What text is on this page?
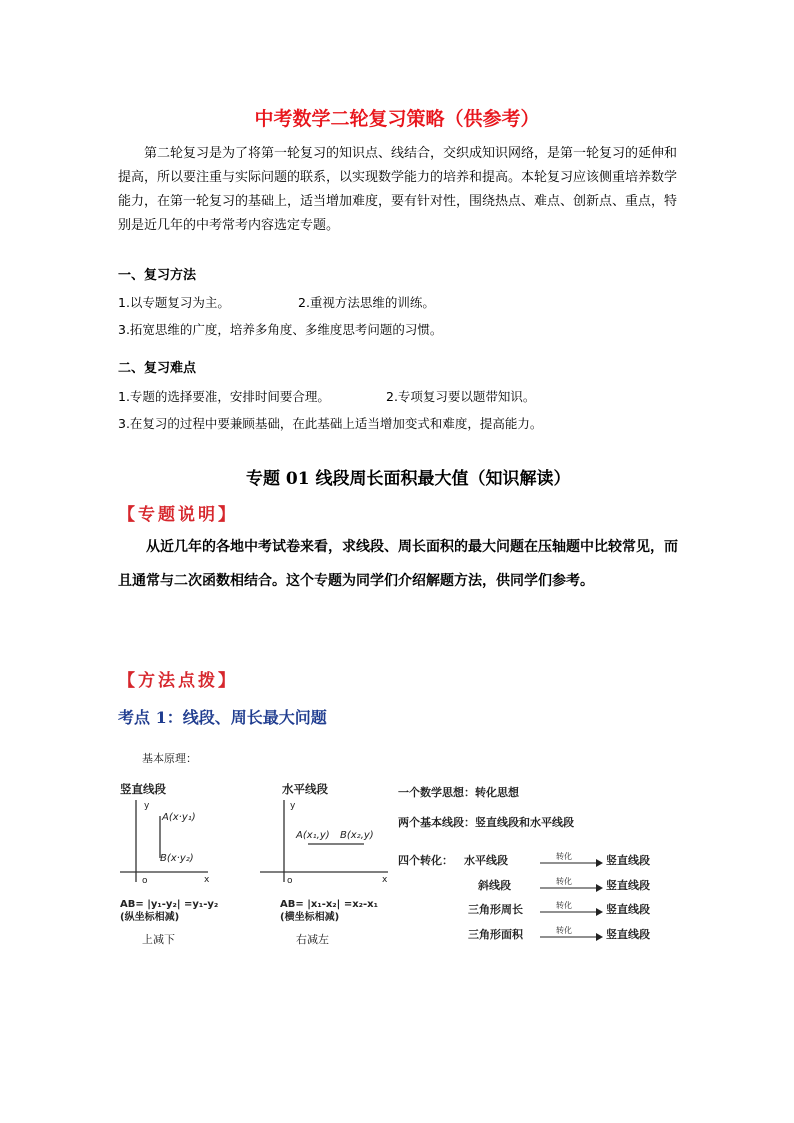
中考数学二轮复习策略（供参考）

第二轮复习是为了将第一轮复习的知识点、线结合，交织成知识网络，是第一轮复习的延伸和提高，所以要注重与实际问题的联系，以实现数学能力的培养和提高。本轮复习应该侧重培养数学能力，在第一轮复习的基础上，适当增加难度，要有针对性，围绕热点、难点、创新点、重点，特别是近几年的中考常考内容选定专题。

一、复习方法
1.以专题复习为主。	2.重视方法思维的训练。
3.拓宽思维的广度，培养多角度、多维度思考问题的习惯。
二、复习难点
1.专题的选择要准，安排时间要合理。	2.专项复习要以题带知识。
3.在复习的过程中要兼顾基础，在此基础上适当增加变式和难度，提高能力。
专题 01 线段周长面积最大值（知识解读）
【专题说明】

从近几年的各地中考试卷来看，求线段、周长面积的最大问题在压轴题中比较常见，而且通常与二次函数相结合。这个专题为同学们介绍解题方法，供同学们参考。

【方法点拨】
考点 1：线段、周长最大问题
基本原理：
竖直线段
y
x
o
A(x·y₁)
B(x·y₂)
AB= |y₁-y₂| =y₁-y₂
(纵坐标相减)
上减下
水平线段
y
x
o
A(x₁,y) B(x₂,y)
AB= |x₁-x₂| =x₂-x₁
(横坐标相减)
右减左
一个数学思想：转化思想
两个基本线段：竖直线段和水平线段
四个转化： 水平线段	转化	竖直线段
斜线段	转化	竖直线段
三角形周长	转化	竖直线段
三角形面积	转化	竖直线段
